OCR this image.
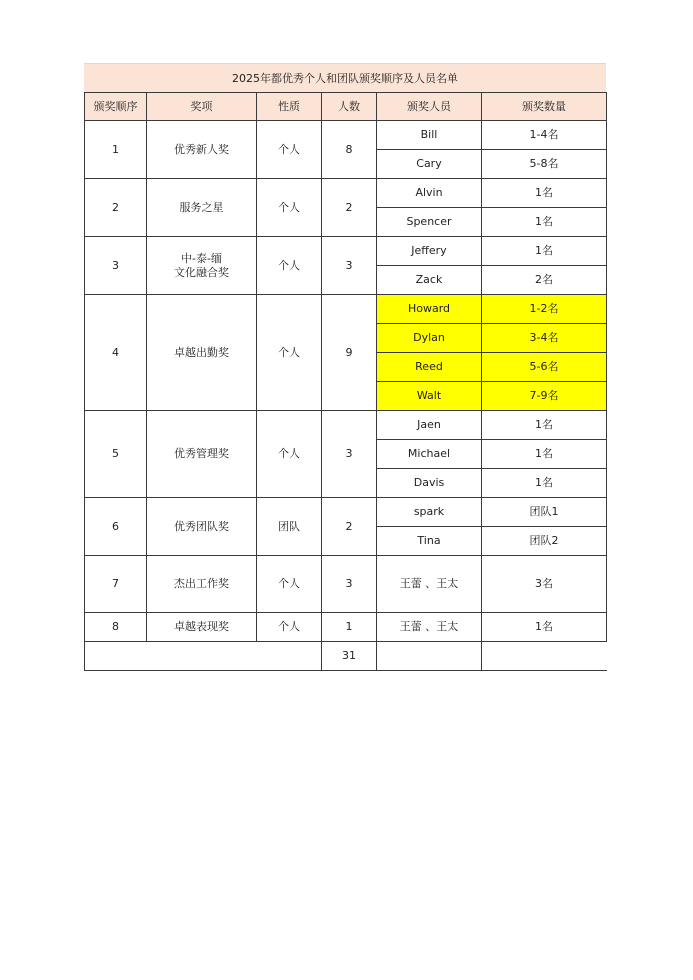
2025年都优秀个人和团队颁奖顺序及人员名单
颁奖顺序	奖项	性质	人数	颁奖人员	颁奖数量
1	优秀新人奖	个人	8	Bill	1-4名
				Cary	5-8名
2	服务之星	个人	2	Alvin	1名
				Spencer	1名
3	中-泰-缅
文化融合奖	个人	3	Jeffery	1名
				Zack	2名
4	卓越出勤奖	个人	9	Howard	1-2名
				Dylan	3-4名
				Reed	5-6名
				Walt	7-9名
5	优秀管理奖	个人	3	Jaen	1名
				Michael	1名
				Davis	1名
6	优秀团队奖	团队	2	spark	团队1
				Tina	团队2
7	杰出工作奖	个人	3	王蕾 、王太	3名
8	卓越表现奖	个人	1	王蕾 、王太	1名
			31		
